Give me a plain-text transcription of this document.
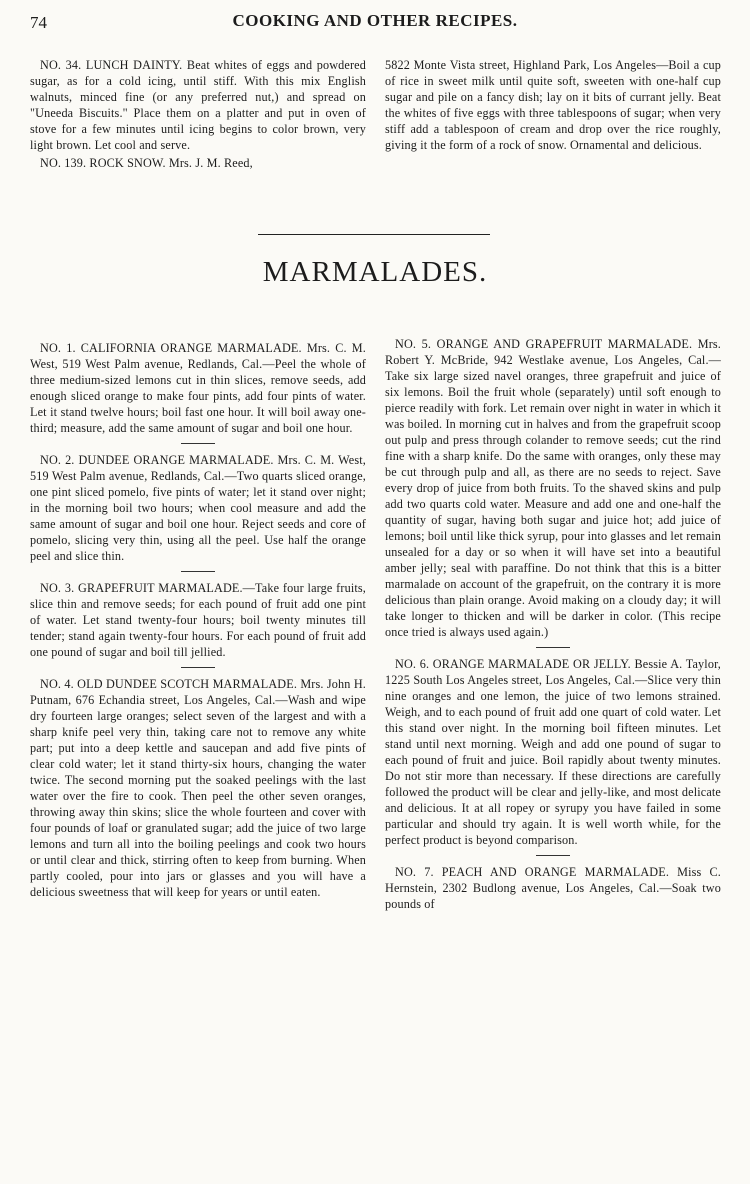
74	COOKING AND OTHER RECIPES.

NO. 34. LUNCH DAINTY. Beat whites of eggs and powdered sugar, as for a cold icing, until stiff. With this mix English walnuts, minced fine (or any preferred nut,) and spread on "Uneeda Biscuits." Place them on a platter and put in oven of stove for a few minutes until icing begins to color brown, very light brown. Let cool and serve.

NO. 139. ROCK SNOW. Mrs. J. M. Reed,

5822 Monte Vista street, Highland Park, Los Angeles—Boil a cup of rice in sweet milk until quite soft, sweeten with one-half cup sugar and pile on a fancy dish; lay on it bits of currant jelly. Beat the whites of five eggs with three tablespoons of sugar; when very stiff add a tablespoon of cream and drop over the rice roughly, giving it the form of a rock of snow. Ornamental and delicious.

MARMALADES.

NO. 1. CALIFORNIA ORANGE MARMALADE. Mrs. C. M. West, 519 West Palm avenue, Redlands, Cal.—Peel the whole of three medium-sized lemons cut in thin slices, remove seeds, add enough sliced orange to make four pints, add four pints of water. Let it stand twelve hours; boil fast one hour. It will boil away one-third; measure, add the same amount of sugar and boil one hour.

NO. 2. DUNDEE ORANGE MARMALADE. Mrs. C. M. West, 519 West Palm avenue, Redlands, Cal.—Two quarts sliced orange, one pint sliced pomelo, five pints of water; let it stand over night; in the morning boil two hours; when cool measure and add the same amount of sugar and boil one hour. Reject seeds and core of pomelo, slicing very thin, using all the peel. Use half the orange peel and slice thin.

NO. 3. GRAPEFRUIT MARMALADE.—Take four large fruits, slice thin and remove seeds; for each pound of fruit add one pint of water. Let stand twenty-four hours; boil twenty minutes till tender; stand again twenty-four hours. For each pound of fruit add one pound of sugar and boil till jellied.

NO. 4. OLD DUNDEE SCOTCH MARMALADE. Mrs. John H. Putnam, 676 Echandia street, Los Angeles, Cal.—Wash and wipe dry fourteen large oranges; select seven of the largest and with a sharp knife peel very thin, taking care not to remove any white part; put into a deep kettle and saucepan and add five pints of clear cold water; let it stand thirty-six hours, changing the water twice. The second morning put the soaked peelings with the last water over the fire to cook. Then peel the other seven oranges, throwing away thin skins; slice the whole fourteen and cover with four pounds of loaf or granulated sugar; add the juice of two large lemons and turn all into the boiling peelings and cook two hours or until clear and thick, stirring often to keep from burning. When partly cooled, pour into jars or glasses and you will have a delicious sweetness that will keep for years or until eaten.

NO. 5. ORANGE AND GRAPEFRUIT MARMALADE. Mrs. Robert Y. McBride, 942 Westlake avenue, Los Angeles, Cal.—Take six large sized navel oranges, three grapefruit and juice of six lemons. Boil the fruit whole (separately) until soft enough to pierce readily with fork. Let remain over night in water in which it was boiled. In morning cut in halves and from the grapefruit scoop out pulp and press through colander to remove seeds; cut the rind fine with a sharp knife. Do the same with oranges, only these may be cut through pulp and all, as there are no seeds to reject. Save every drop of juice from both fruits. To the shaved skins and pulp add two quarts cold water. Measure and add one and one-half the quantity of sugar, having both sugar and juice hot; add juice of lemons; boil until like thick syrup, pour into glasses and let remain unsealed for a day or so when it will have set into a beautiful amber jelly; seal with paraffine. Do not think that this is a bitter marmalade on account of the grapefruit, on the contrary it is more delicious than plain orange. Avoid making on a cloudy day; it will take longer to thicken and will be darker in color. (This recipe once tried is always used again.)

NO. 6. ORANGE MARMALADE OR JELLY. Bessie A. Taylor, 1225 South Los Angeles street, Los Angeles, Cal.—Slice very thin nine oranges and one lemon, the juice of two lemons strained. Weigh, and to each pound of fruit add one quart of cold water. Let this stand over night. In the morning boil fifteen minutes. Let stand until next morning. Weigh and add one pound of sugar to each pound of fruit and juice. Boil rapidly about twenty minutes. Do not stir more than necessary. If these directions are carefully followed the product will be clear and jelly-like, and most delicate and delicious. It at all ropey or syrupy you have failed in some particular and should try again. It is well worth while, for the perfect product is beyond comparison.

NO. 7. PEACH AND ORANGE MARMALADE. Miss C. Hernstein, 2302 Budlong avenue, Los Angeles, Cal.—Soak two pounds of
